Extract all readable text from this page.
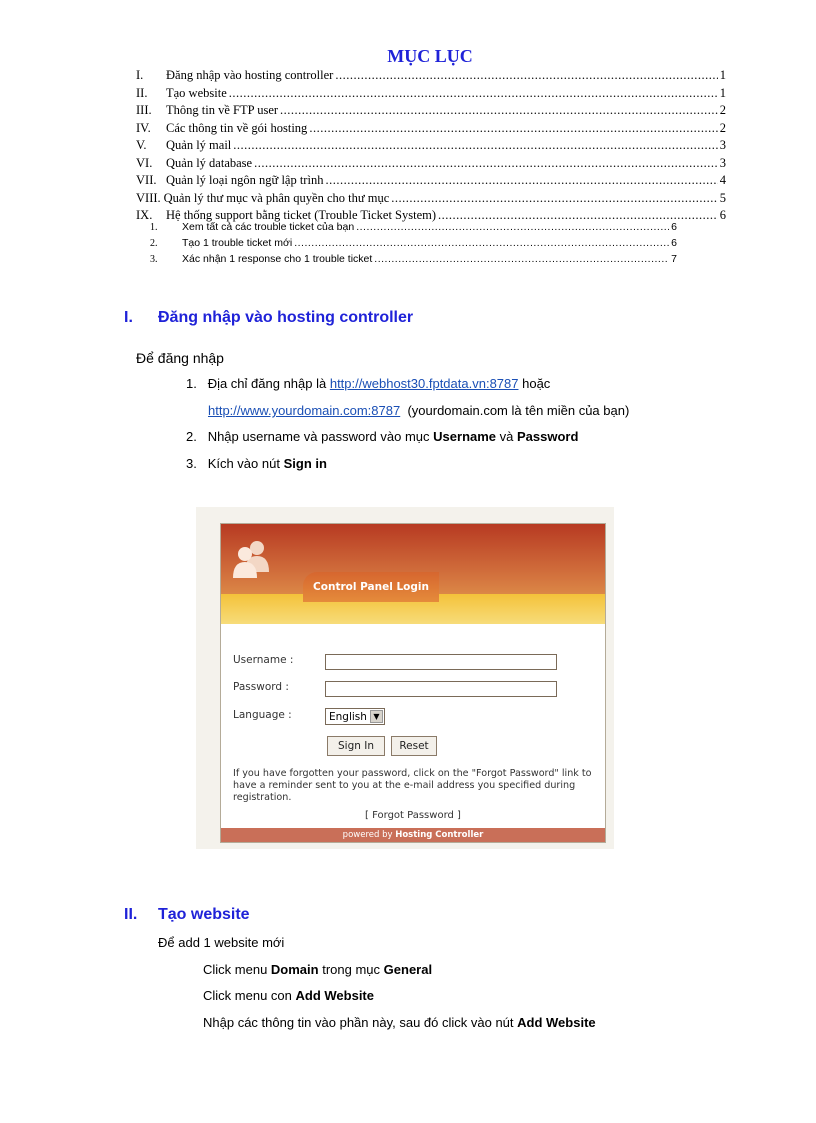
MỤC LỤC
I.	Đăng nhập vào hosting controller .....	1
II.	Tạo website .....	1
III.	Thông tin về FTP user .....	2
IV.	Các thông tin về gói hosting .....	2
V.	Quản lý mail .....	3
VI.	Quản lý database .....	3
VII. Quản lý loại ngôn ngữ lập trình .....	4
VIII. Quản lý thư mục và phân quyền cho thư mục .....	5
IX.	Hệ thống support bằng ticket (Trouble Ticket System) .....	6
1.	Xem tất cả các trouble ticket của bạn .....	6
2.	Tạo 1 trouble ticket mới .....	6
3.	Xác nhận 1 response cho 1 trouble ticket .....	7
I. Đăng nhập vào hosting controller
Để đăng nhập
1. Địa chỉ đăng nhập là http://webhost30.fptdata.vn:8787 hoặc
http://www.yourdomain.com:8787 (yourdomain.com là tên miền của bạn)
2. Nhập username và password vào mục Username và Password
3. Kích vào nút Sign in
Control Panel Login
Username :
Password :
Language :	English ▼
Sign In	Reset
If you have forgotten your password, click on the "Forgot Password" link to have a reminder sent to you at the e-mail address you specified during registration.
[ Forgot Password ]
powered by Hosting Controller
II. Tạo website
Để add 1 website mới
Click menu Domain trong mục General
Click menu con Add Website
Nhập các thông tin vào phần này, sau đó click vào nút Add Website
